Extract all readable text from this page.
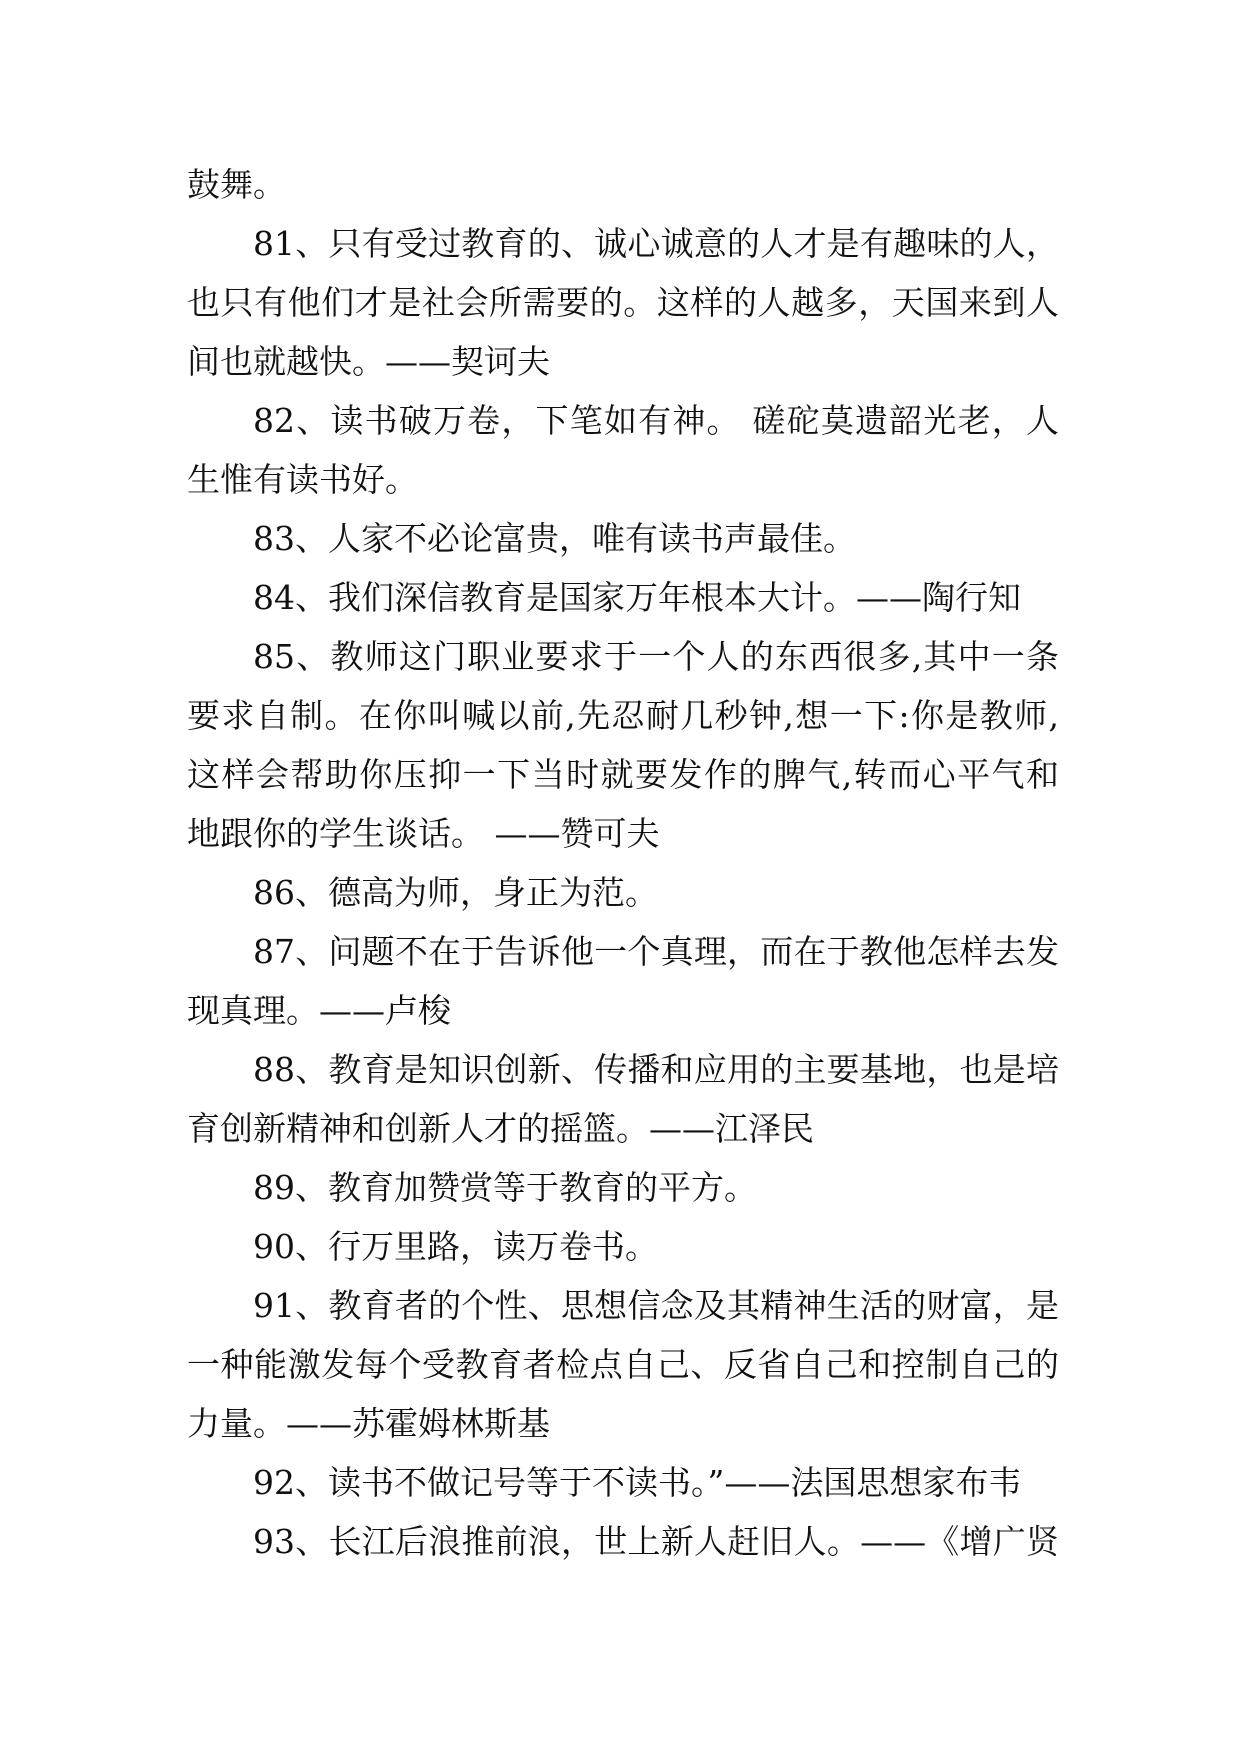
鼓舞。
81、只有受过教育的、诚心诚意的人才是有趣味的人，
也只有他们才是社会所需要的。这样的人越多，天国来到人
间也就越快。——契诃夫
82、读书破万卷，下笔如有神。 磋砣莫遗韶光老，人
生惟有读书好。
83、人家不必论富贵，唯有读书声最佳。
84、我们深信教育是国家万年根本大计。——陶行知
85、教师这门职业要求于一个人的东西很多,其中一条
要求自制。在你叫喊以前,先忍耐几秒钟,想一下:你是教师,
这样会帮助你压抑一下当时就要发作的脾气,转而心平气和
地跟你的学生谈话。 ——赞可夫
86、德高为师，身正为范。
87、问题不在于告诉他一个真理，而在于教他怎样去发
现真理。——卢梭
88、教育是知识创新、传播和应用的主要基地，也是培
育创新精神和创新人才的摇篮。——江泽民
89、教育加赞赏等于教育的平方。
90、行万里路，读万卷书。
91、教育者的个性、思想信念及其精神生活的财富，是
一种能激发每个受教育者检点自己、反省自己和控制自己的
力量。——苏霍姆林斯基
92、读书不做记号等于不读书。”——法国思想家布韦
93、长江后浪推前浪，世上新人赶旧人。——《增广贤
